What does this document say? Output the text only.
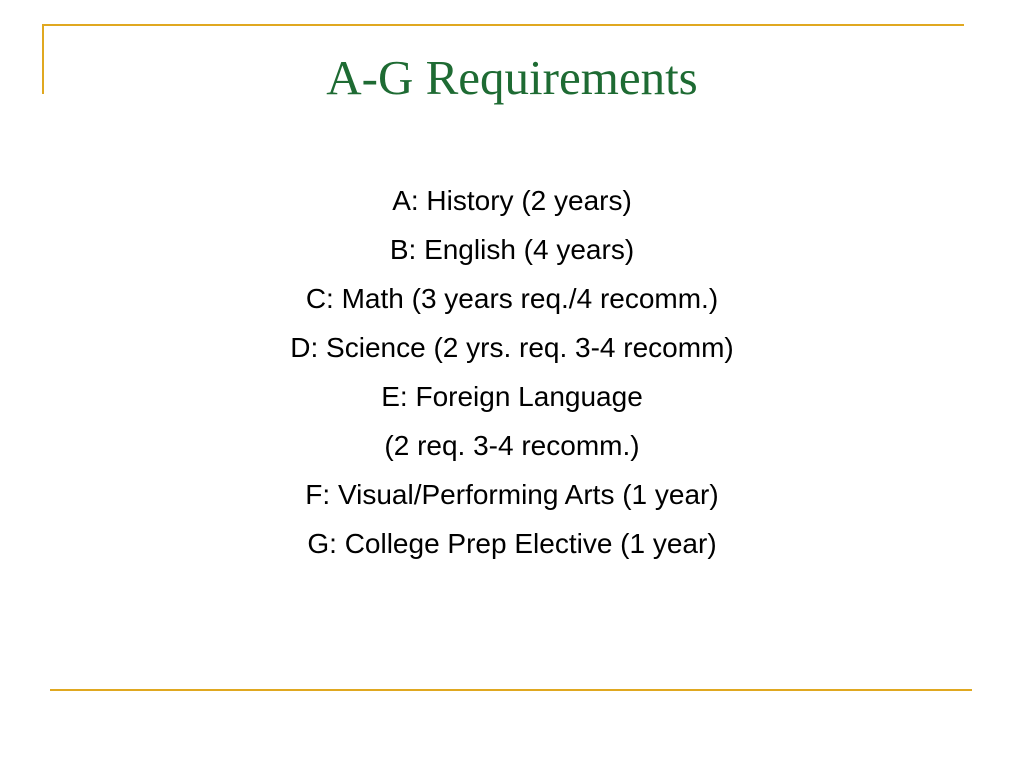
A-G Requirements
A: History (2 years)
B: English (4 years)
C: Math (3 years req./4 recomm.)
D: Science (2 yrs. req. 3-4 recomm)
E: Foreign Language
(2 req. 3-4 recomm.)
F: Visual/Performing Arts (1 year)
G: College Prep Elective (1 year)
